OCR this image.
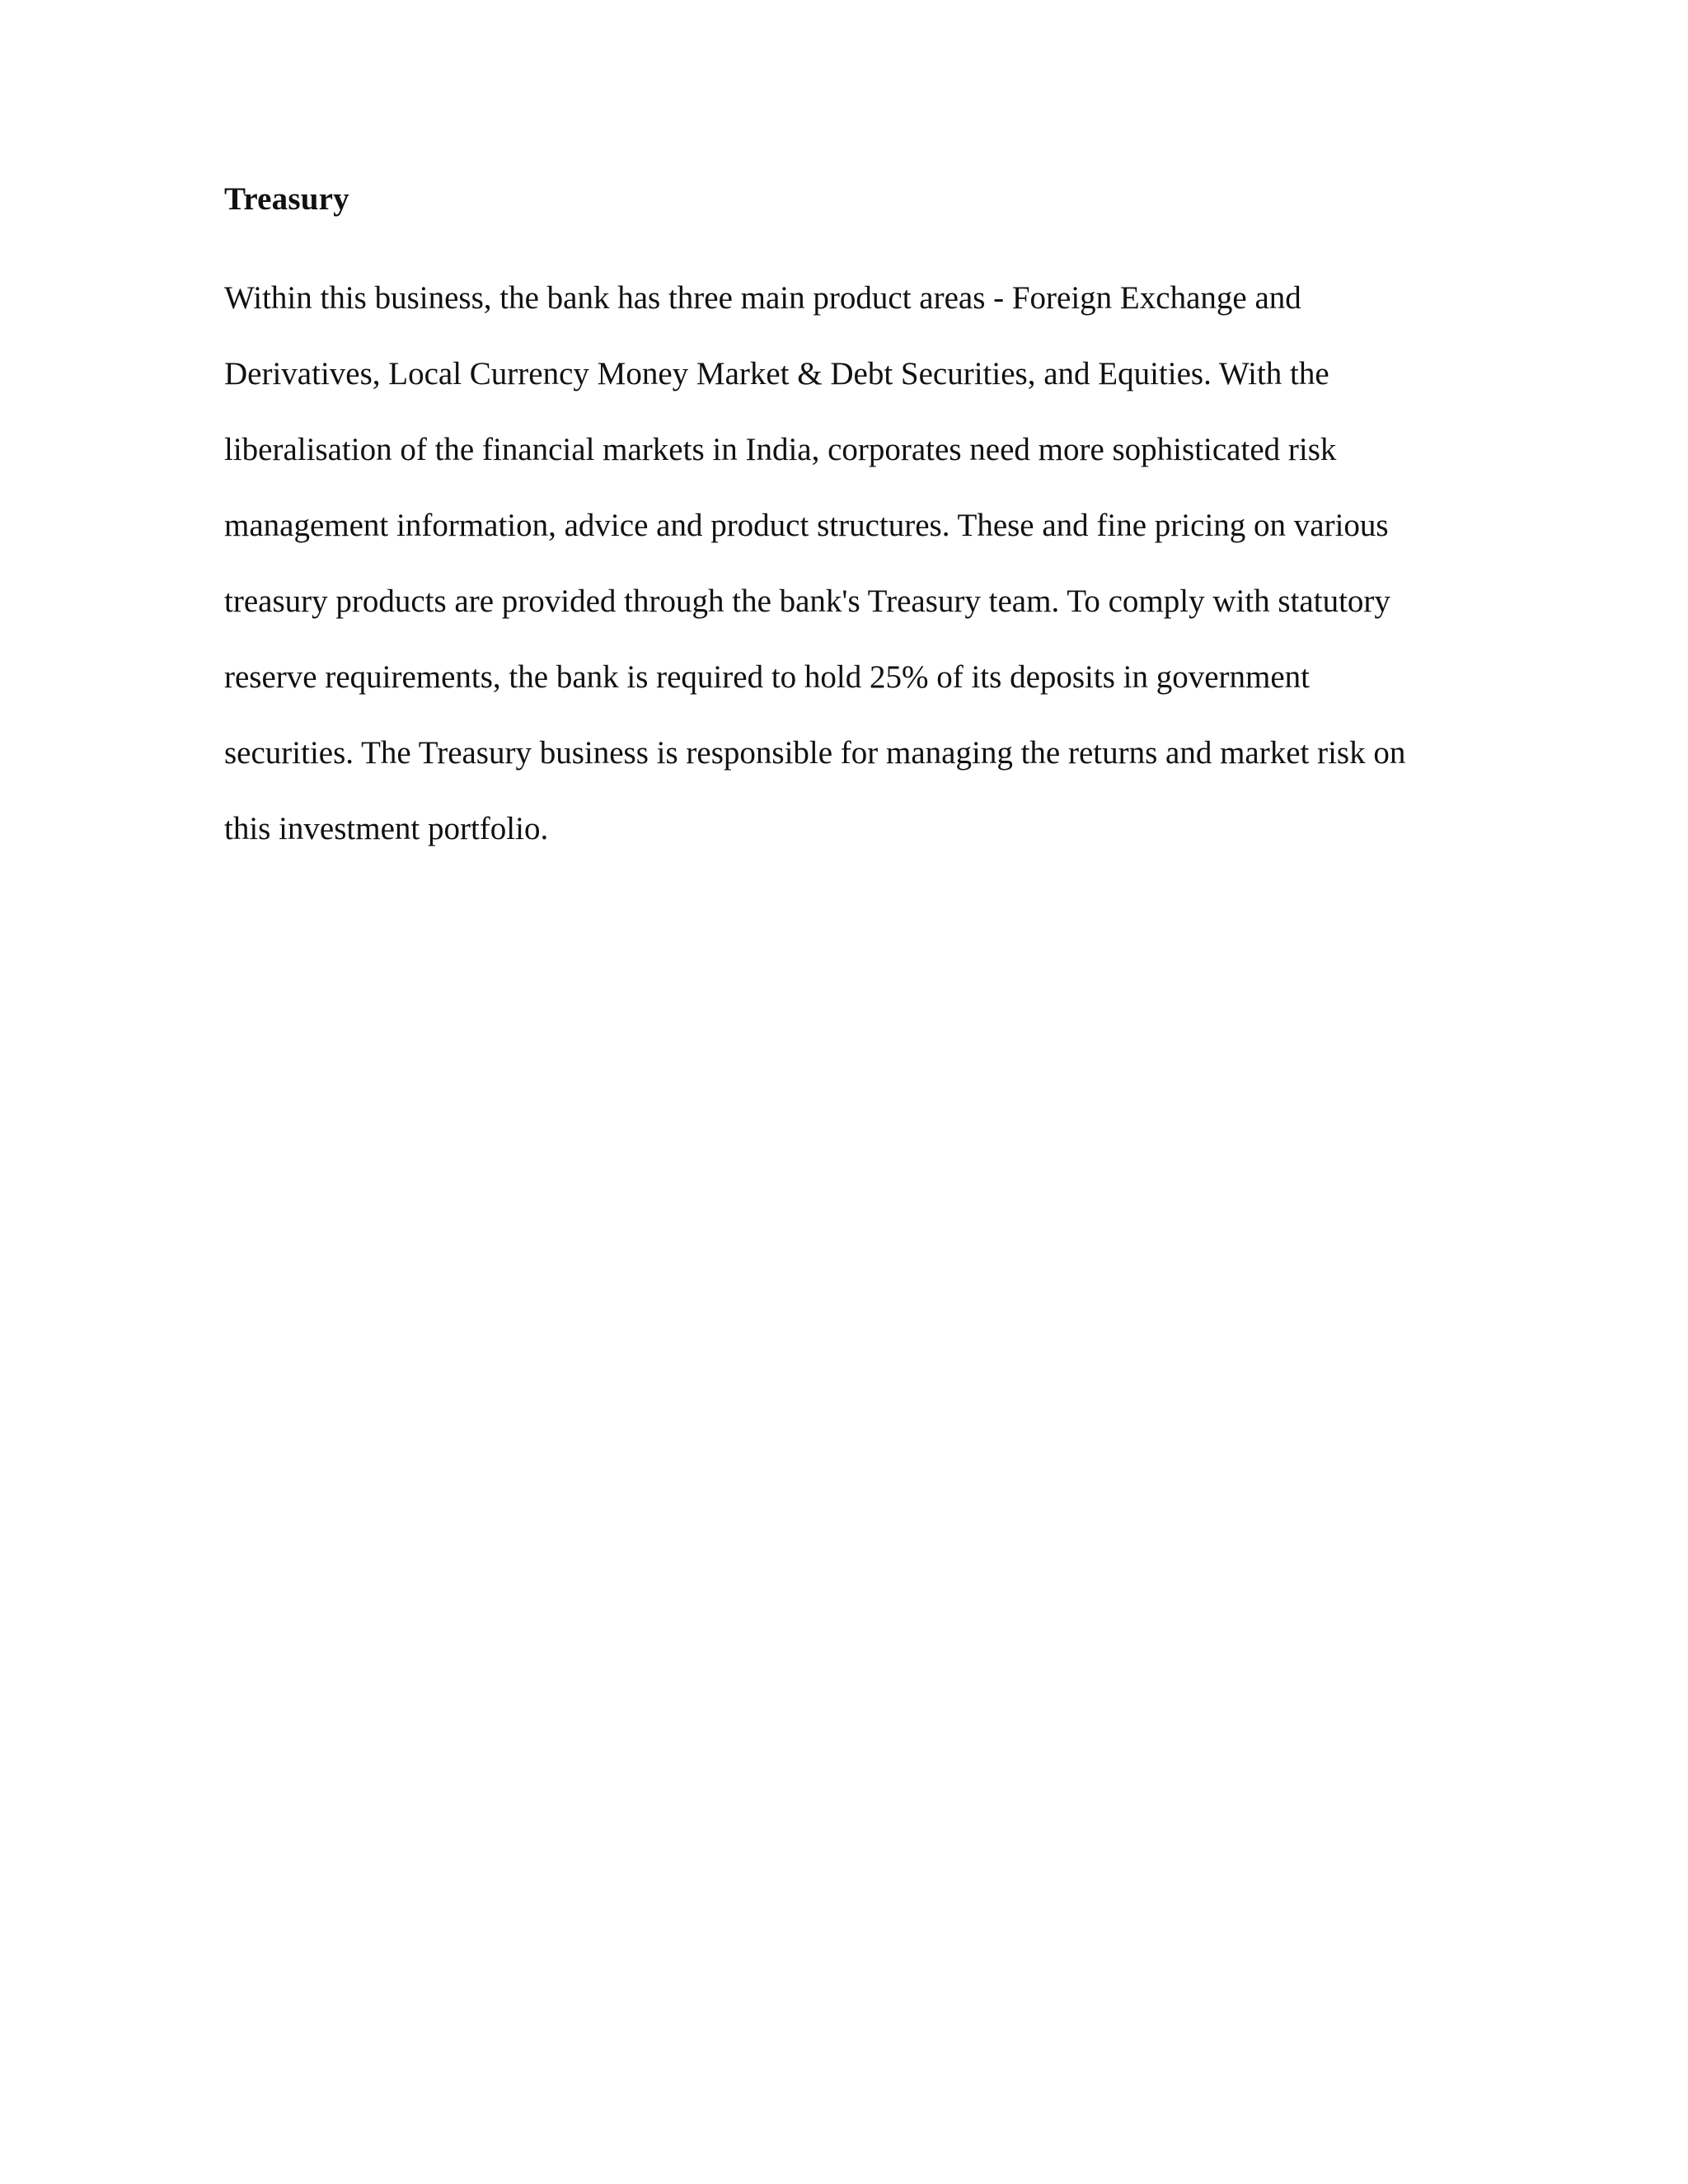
Treasury
Within this business, the bank has three main product areas - Foreign Exchange and
Derivatives, Local Currency Money Market & Debt Securities, and Equities. With the
liberalisation of the financial markets in India, corporates need more sophisticated risk
management information, advice and product structures. These and fine pricing on various
treasury products are provided through the bank's Treasury team. To comply with statutory
reserve requirements, the bank is required to hold 25% of its deposits in government
securities. The Treasury business is responsible for managing the returns and market risk on
this investment portfolio.
